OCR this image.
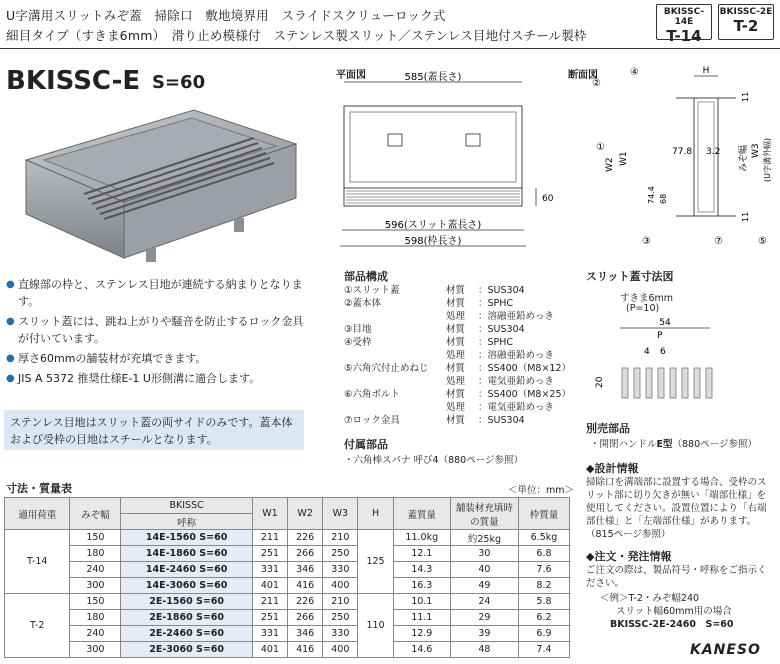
U字溝用スリットみぞ蓋　掃除口　敷地境界用　スライドスクリューロック式
細目タイプ（すきま6mm）　滑り止め模様付　ステンレス製スリット／ステンレス目地付スチール製枠
BKISSC-14E
T-14
BKISSC-2E
T-2
BKISSC-E S=60
● 直線部の枠と、ステンレス目地が連続する納まりとなります。
● スリット蓋には、跳ね上がりや騒音を防止するロック金具が付いています。
● 厚さ60mmの舗装材が充填できます。
● JIS A 5372 推奨仕様E-1 U形側溝に適合します。
ステンレス目地はスリット蓋の両サイドのみです。蓋本体および受枠の目地はスチールとなります。
平面図	585(蓋長さ)
60
596(スリット蓋長さ)
598(枠長さ)
断面図	H
④
②
①
③	⑦	⑤
W2 W1	77.8 3.2
74.4 68
みぞ幅 W3 (U字溝外幅)
11
11
部品構成
①スリット蓋	材質	： SUS304
②蓋本体	材質	： SPHC
処理	： 溶融亜鉛めっき
③目地	材質	： SUS304
④受枠	材質	： SPHC
処理	： 溶融亜鉛めっき
⑤六角穴付止めねじ	材質	： SS400（M8×12）
処理	： 電気亜鉛めっき
⑥六角ボルト	材質	： SS400（M8×25）
処理	： 電気亜鉛めっき
⑦ロック金具	材質	： SUS304
付属部品
・六角棒スパナ 呼び4（880ページ参照）
スリット蓋寸法図
すきま6mm
(P=10)
54
P
4 6
20
別売部品
・開閉ハンドルE型（880ページ参照）
◆設計情報
掃除口を溝端部に設置する場合、受枠のスリット部に切り欠きが無い「端部仕様」を使用してください。設置位置により「右端部仕様」と「左端部仕様」があります。（815ページ参照）
◆注文・発注情報
ご注文の際は、製品符号・呼称をご指示ください。
＜例＞T-2・みぞ幅240
スリット幅60mm用の場合
BKISSC-2E-2460　S=60
KANESO
寸法・質量表	＜単位：mm＞
適用荷重	みぞ幅	BKISSC	W1	W2	W3	H	蓋質量	舗装材充填時の質量	枠質量
		呼称							
T-14	150	14E-1560 S=60	211	226	210	125	11.0kg	約25kg	6.5kg
	180	14E-1860 S=60	251	266	250		12.1	30	6.8
	240	14E-2460 S=60	331	346	330		14.3	40	7.6
	300	14E-3060 S=60	401	416	400		16.3	49	8.2
T-2	150	2E-1560 S=60	211	226	210	110	10.1	24	5.8
	180	2E-1860 S=60	251	266	250		11.1	29	6.2
	240	2E-2460 S=60	331	346	330		12.9	39	6.9
	300	2E-3060 S=60	401	416	400		14.6	48	7.4
